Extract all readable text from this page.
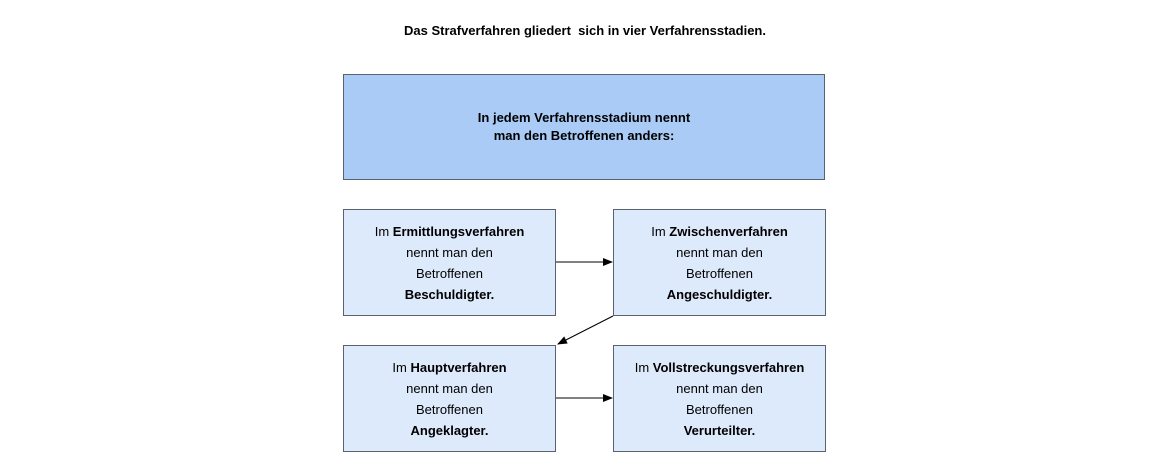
Das Strafverfahren gliedert  sich in vier Verfahrensstadien.
In jedem Verfahrensstadium nennt
man den Betroffenen anders:
Im Ermittlungsverfahren
nennt man den
Betroffenen
Beschuldigter.
Im Zwischenverfahren
nennt man den
Betroffenen
Angeschuldigter.
Im Hauptverfahren
nennt man den
Betroffenen
Angeklagter.
Im Vollstreckungsverfahren
nennt man den
Betroffenen
Verurteilter.
